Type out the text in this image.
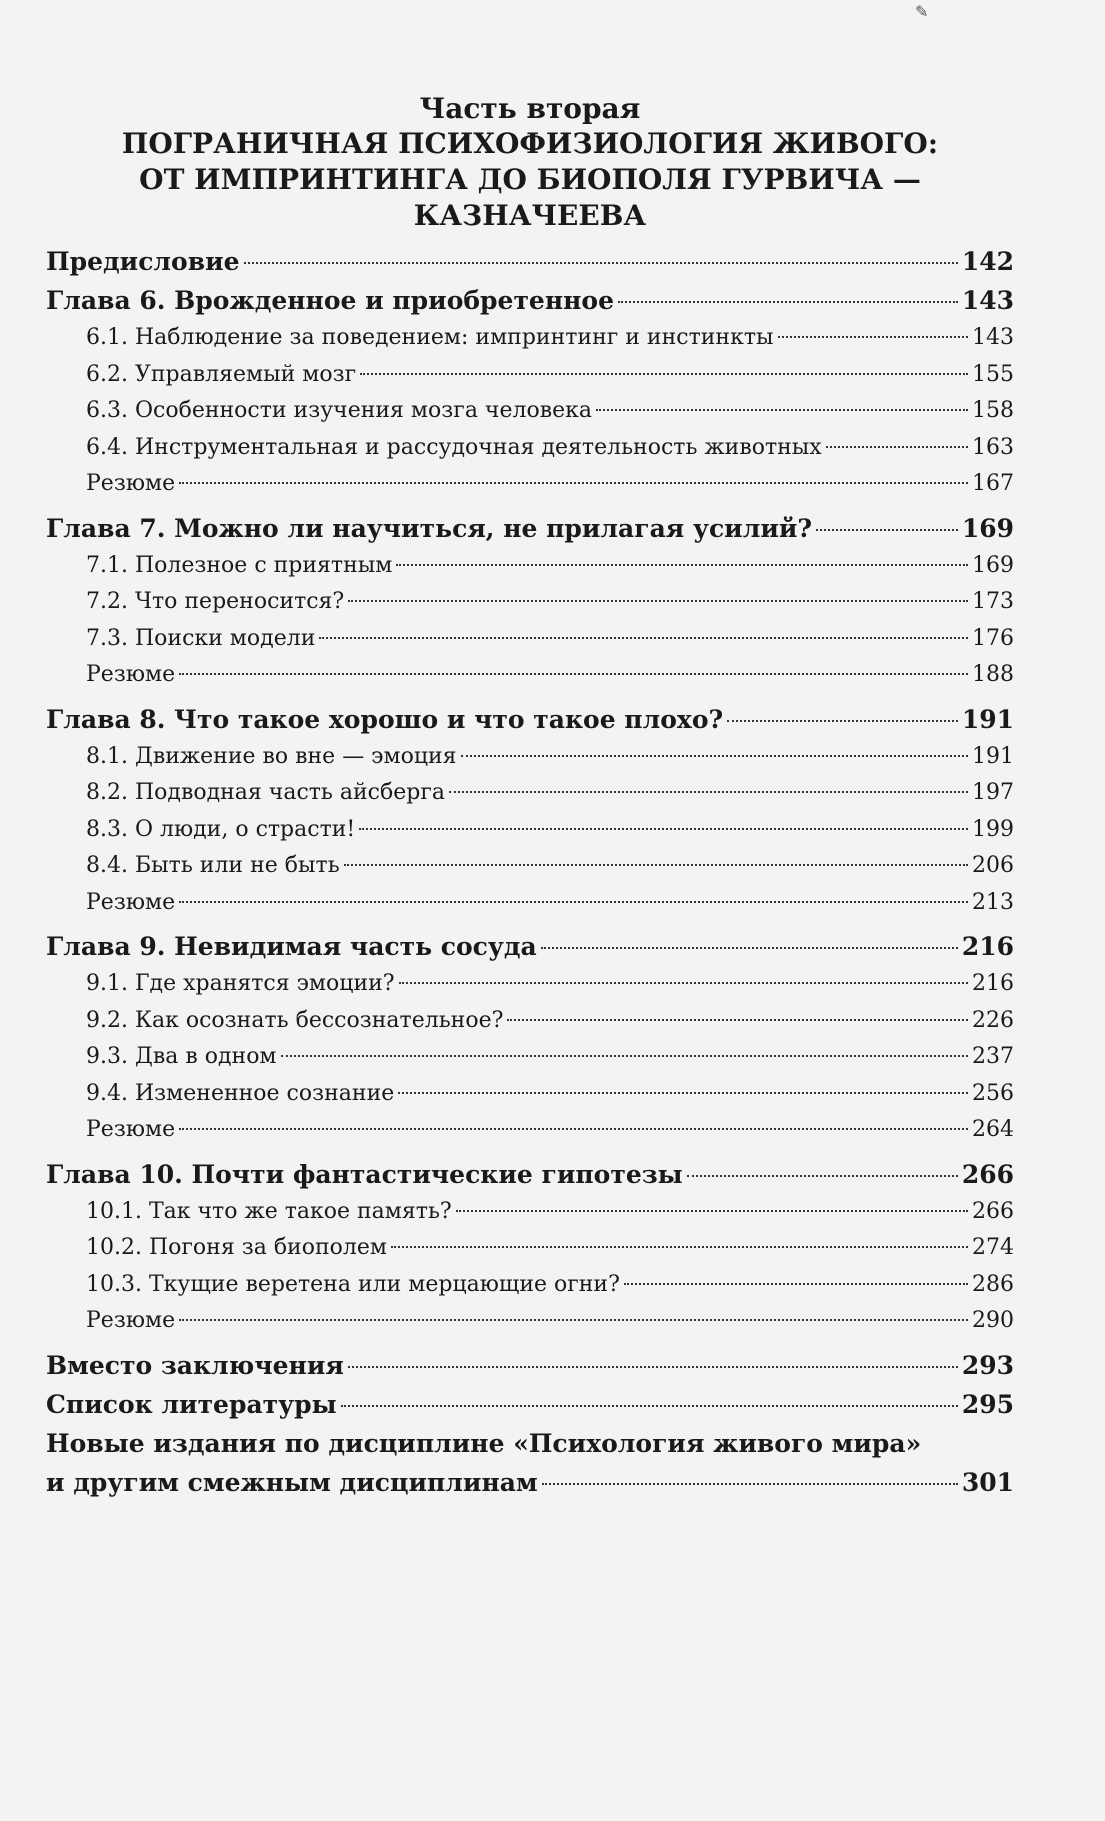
✎
Часть вторая
ПОГРАНИЧНАЯ ПСИХОФИЗИОЛОГИЯ ЖИВОГО:
ОТ ИМПРИНТИНГА ДО БИОПОЛЯ ГУРВИЧА —
КАЗНАЧЕЕВА
Предисловие	142
Глава 6. Врожденное и приобретенное	143
6.1. Наблюдение за поведением: импринтинг и инстинкты	143
6.2. Управляемый мозг	155
6.3. Особенности изучения мозга человека	158
6.4. Инструментальная и рассудочная деятельность животных	163
Резюме	167
Глава 7. Можно ли научиться, не прилагая усилий?	169
7.1. Полезное с приятным	169
7.2. Что переносится?	173
7.3. Поиски модели	176
Резюме	188
Глава 8. Что такое хорошо и что такое плохо?	191
8.1. Движение во вне — эмоция	191
8.2. Подводная часть айсберга	197
8.3. О люди, о страсти!	199
8.4. Быть или не быть	206
Резюме	213
Глава 9. Невидимая часть сосуда	216
9.1. Где хранятся эмоции?	216
9.2. Как осознать бессознательное?	226
9.3. Два в одном	237
9.4. Измененное сознание	256
Резюме	264
Глава 10. Почти фантастические гипотезы	266
10.1. Так что же такое память?	266
10.2. Погоня за биополем	274
10.3. Ткущие веретена или мерцающие огни?	286
Резюме	290
Вместо заключения	293
Список литературы	295
Новые издания по дисциплине «Психология живого мира»
и другим смежным дисциплинам	301
